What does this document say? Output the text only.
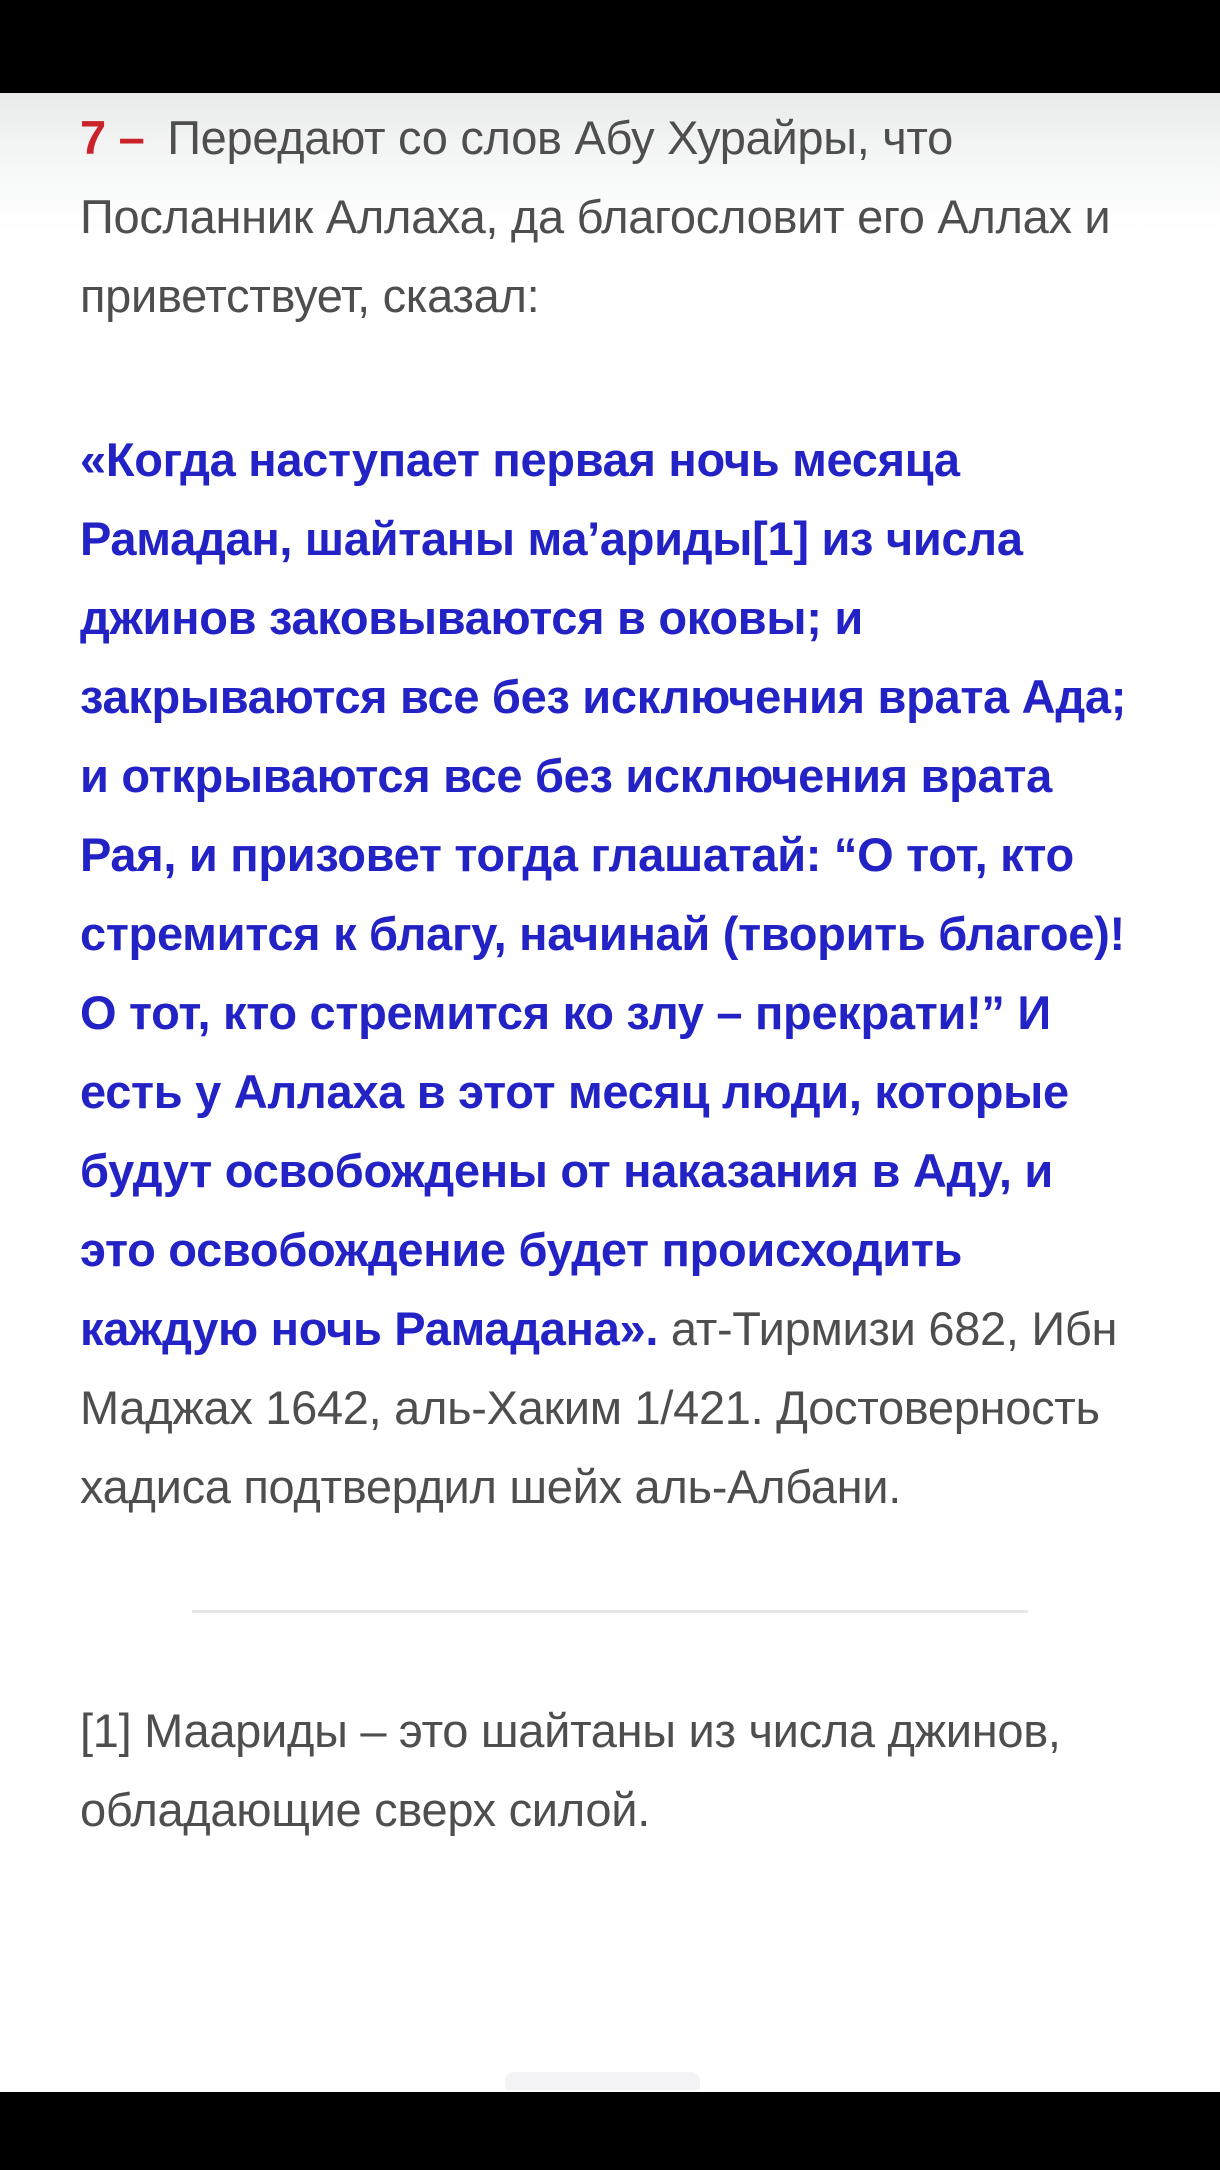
7 – Передают со слов Абу Хурайры, что Посланник Аллаха, да благословит его Аллах и приветствует, сказал:

«Когда наступает первая ночь месяца Рамадан, шайтаны ма’ариды[1] из числа джинов заковываются в оковы; и закрываются все без исключения врата Ада; и открываются все без исключения врата Рая, и призовет тогда глашатай: “О тот, кто стремится к благу, начинай (творить благое)! О тот, кто стремится ко злу – прекрати!” И есть у Аллаха в этот месяц люди, которые будут освобождены от наказания в Аду, и это освобождение будет происходить каждую ночь Рамадана». ат-Тирмизи 682, Ибн Маджах 1642, аль-Хаким 1/421. Достоверность хадиса подтвердил шейх аль-Албани.

[1] Маариды – это шайтаны из числа джинов, обладающие сверх силой.
